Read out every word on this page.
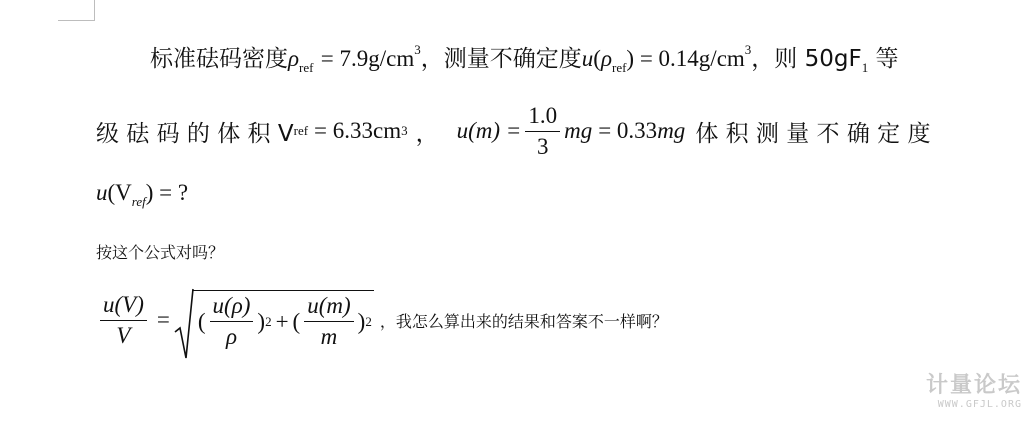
标准砝码密度$\rho_{ref} = 7.9g/cm^3$，测量不确定度$u(\rho_{ref}) = 0.14g/cm^3$，则 $50gF_1$ 等
级 砝 码 的 体 积 V ref = 6.33cm 3 ， $u(m) = \frac{1.0}{3}$ mg = 0.33 mg 体 积 测 量 不 确 定 度
$u(V_{ref})$ = ?
按这个公式对吗？
$\frac{u(V)}{V}$ = ( $\frac{u(\rho)}{\rho}$ ) 2 + ( $\frac{u(m)}{m}$ ) 2 ，我怎么算出来的结果和答案不一样啊？
计量论坛
WWW.GFJL.ORG
